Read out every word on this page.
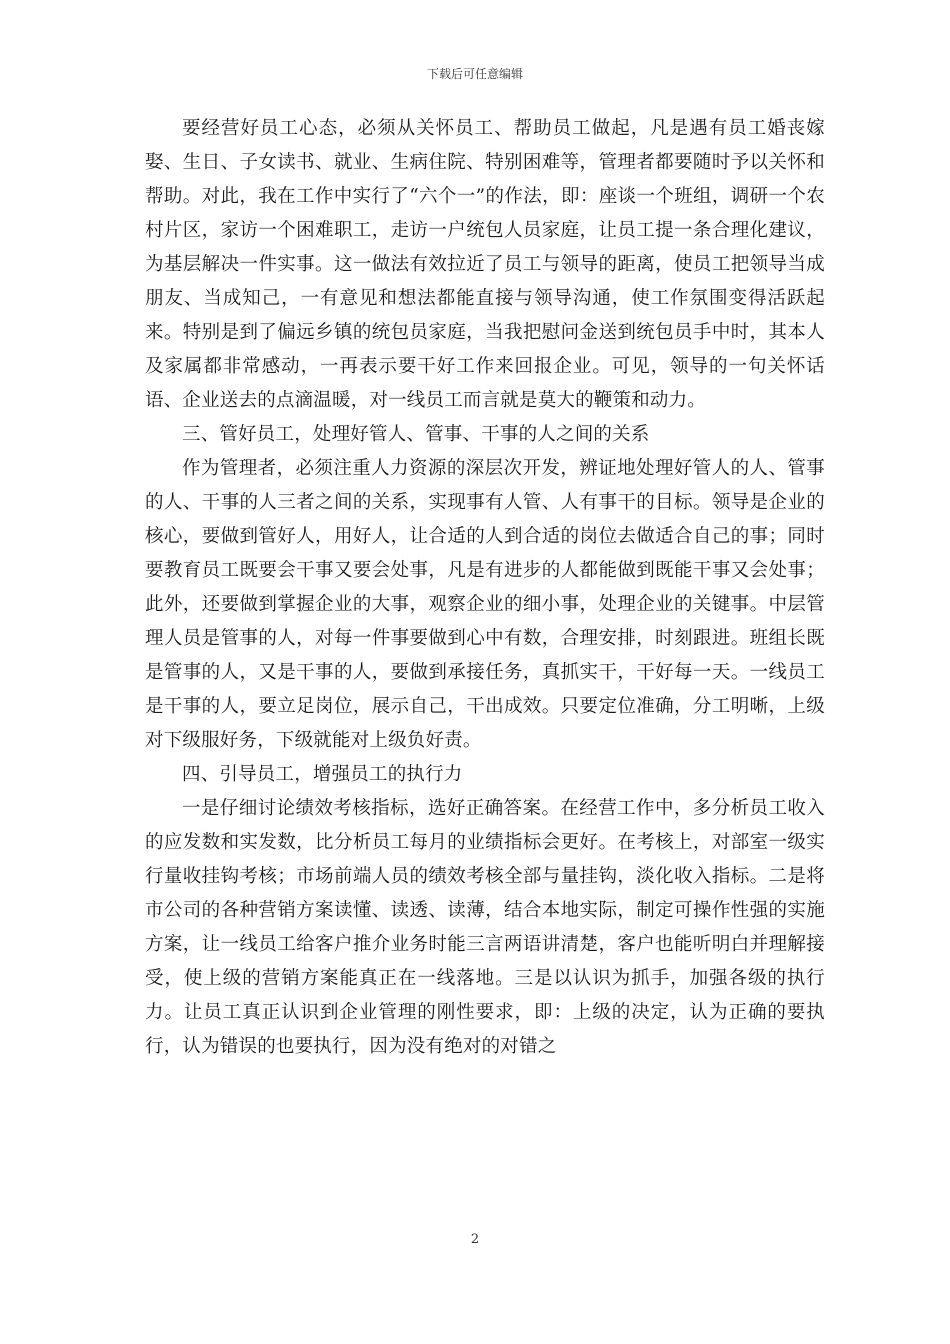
下载后可任意编辑

要经营好员工心态，必须从关怀员工、帮助员工做起，凡是遇有员工婚丧嫁娶、生日、子女读书、就业、生病住院、特别困难等，管理者都要随时予以关怀和帮助。对此，我在工作中实行了“六个一”的作法，即：座谈一个班组，调研一个农村片区，家访一个困难职工，走访一户统包人员家庭，让员工提一条合理化建议，为基层解决一件实事。这一做法有效拉近了员工与领导的距离，使员工把领导当成朋友、当成知己，一有意见和想法都能直接与领导沟通，使工作氛围变得活跃起来。特别是到了偏远乡镇的统包员家庭，当我把慰问金送到统包员手中时，其本人及家属都非常感动，一再表示要干好工作来回报企业。可见，领导的一句关怀话语、企业送去的点滴温暖，对一线员工而言就是莫大的鞭策和动力。

三、管好员工，处理好管人、管事、干事的人之间的关系

作为管理者，必须注重人力资源的深层次开发，辨证地处理好管人的人、管事的人、干事的人三者之间的关系，实现事有人管、人有事干的目标。领导是企业的核心，要做到管好人，用好人，让合适的人到合适的岗位去做适合自己的事；同时要教育员工既要会干事又要会处事，凡是有进步的人都能做到既能干事又会处事；此外，还要做到掌握企业的大事，观察企业的细小事，处理企业的关键事。中层管理人员是管事的人，对每一件事要做到心中有数，合理安排，时刻跟进。班组长既是管事的人，又是干事的人，要做到承接任务，真抓实干，干好每一天。一线员工是干事的人，要立足岗位，展示自己，干出成效。只要定位准确，分工明晰，上级对下级服好务，下级就能对上级负好责。

四、引导员工，增强员工的执行力

一是仔细讨论绩效考核指标，选好正确答案。在经营工作中，多分析员工收入的应发数和实发数，比分析员工每月的业绩指标会更好。在考核上，对部室一级实行量收挂钩考核；市场前端人员的绩效考核全部与量挂钩，淡化收入指标。二是将市公司的各种营销方案读懂、读透、读薄，结合本地实际，制定可操作性强的实施方案，让一线员工给客户推介业务时能三言两语讲清楚，客户也能听明白并理解接受，使上级的营销方案能真正在一线落地。三是以认识为抓手，加强各级的执行力。让员工真正认识到企业管理的刚性要求，即：上级的决定，认为正确的要执行，认为错误的也要执行，因为没有绝对的对错之

2
